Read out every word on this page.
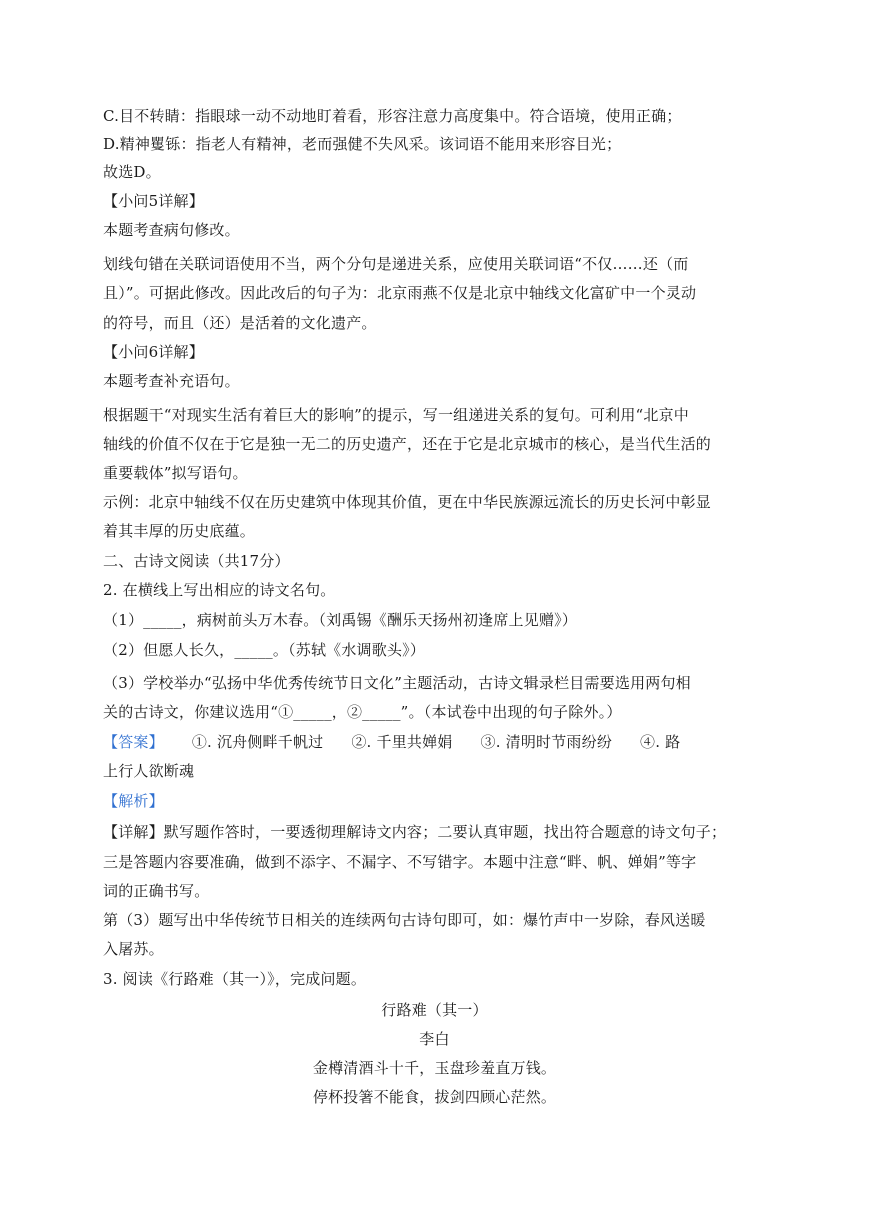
C.目不转睛：指眼球一动不动地盯着看，形容注意力高度集中。符合语境，使用正确；
D.精神矍铄：指老人有精神，老而强健不失风采。该词语不能用来形容目光；
故选D。
【小问5详解】
本题考查病句修改。
划线句错在关联词语使用不当，两个分句是递进关系，应使用关联词语“不仅……还（而
且）”。可据此修改。因此改后的句子为：北京雨燕不仅是北京中轴线文化富矿中一个灵动
的符号，而且（还）是活着的文化遗产。
【小问6详解】
本题考查补充语句。
根据题干“对现实生活有着巨大的影响”的提示，写一组递进关系的复句。可利用“北京中
轴线的价值不仅在于它是独一无二的历史遗产，还在于它是北京城市的核心，是当代生活的
重要载体”拟写语句。
示例：北京中轴线不仅在历史建筑中体现其价值，更在中华民族源远流长的历史长河中彰显
着其丰厚的历史底蕴。
二、古诗文阅读（共17分）
2. 在横线上写出相应的诗文名句。
（1）_____，病树前头万木春。（刘禹锡《酬乐天扬州初逢席上见赠》）
（2）但愿人长久，_____。（苏轼《水调歌头》）
（3）学校举办“弘扬中华优秀传统节日文化”主题活动，古诗文辑录栏目需要选用两句相
关的古诗文，你建议选用“①_____，②_____”。（本试卷中出现的句子除外。）
【答案】 ①. 沉舟侧畔千帆过 ②. 千里共婵娟 ③. 清明时节雨纷纷 ④. 路
上行人欲断魂
【解析】
【详解】默写题作答时，一要透彻理解诗文内容；二要认真审题，找出符合题意的诗文句子；
三是答题内容要准确，做到不添字、不漏字、不写错字。本题中注意“畔、帆、婵娟”等字
词的正确书写。
第（3）题写出中华传统节日相关的连续两句古诗句即可，如：爆竹声中一岁除，春风送暖
入屠苏。
3. 阅读《行路难（其一）》，完成问题。
行路难（其一）
李白
金樽清酒斗十千，玉盘珍羞直万钱。
停杯投箸不能食，拔剑四顾心茫然。
